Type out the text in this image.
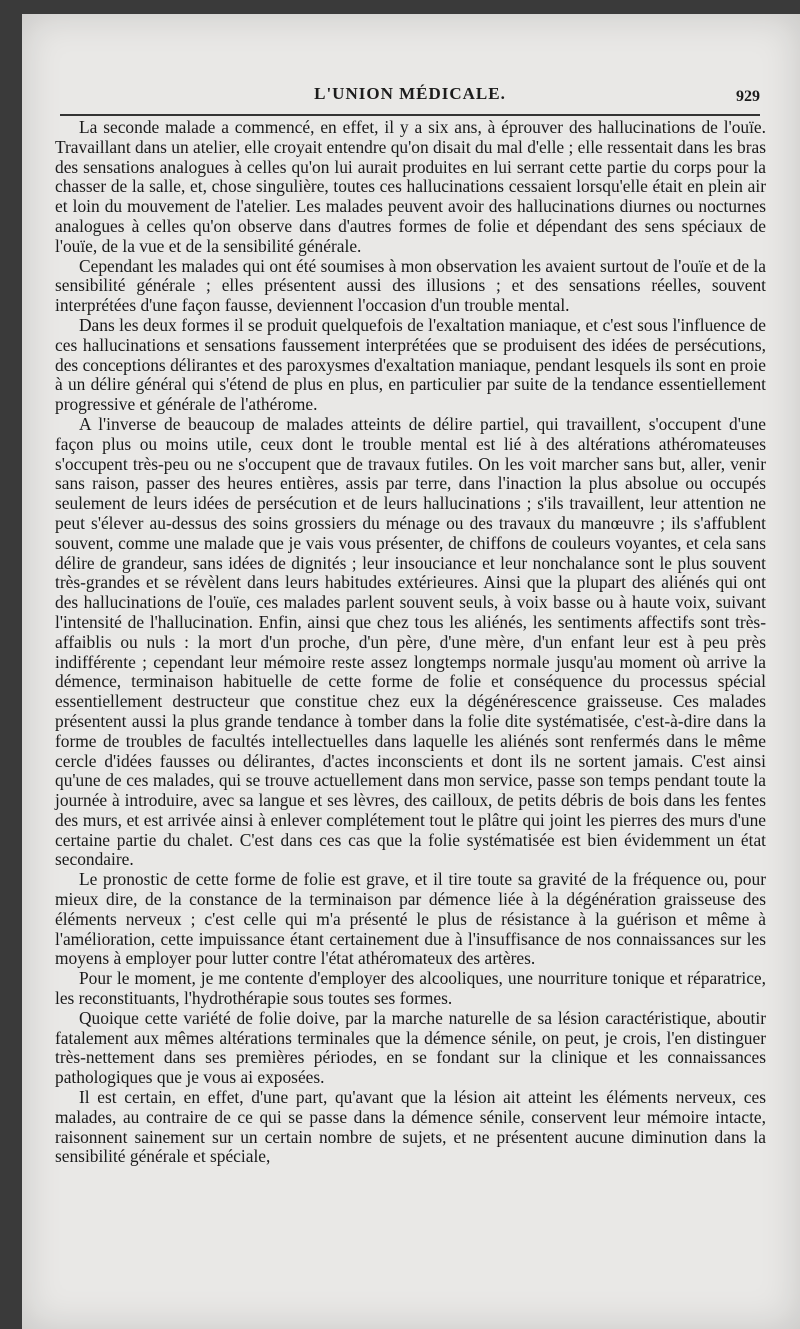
L'UNION MÉDICALE.	929

La seconde malade a commencé, en effet, il y a six ans, à éprouver des hallucinations de l'ouïe. Travaillant dans un atelier, elle croyait entendre qu'on disait du mal d'elle ; elle ressentait dans les bras des sensations analogues à celles qu'on lui aurait produites en lui serrant cette partie du corps pour la chasser de la salle, et, chose singulière, toutes ces hallucinations cessaient lorsqu'elle était en plein air et loin du mouvement de l'atelier. Les malades peuvent avoir des hallucinations diurnes ou nocturnes analogues à celles qu'on observe dans d'autres formes de folie et dépendant des sens spéciaux de l'ouïe, de la vue et de la sensibilité générale.

Cependant les malades qui ont été soumises à mon observation les avaient surtout de l'ouïe et de la sensibilité générale ; elles présentent aussi des illusions ; et des sensations réelles, souvent interprétées d'une façon fausse, deviennent l'occasion d'un trouble mental.

Dans les deux formes il se produit quelquefois de l'exaltation maniaque, et c'est sous l'influence de ces hallucinations et sensations faussement interprétées que se produisent des idées de persécutions, des conceptions délirantes et des paroxysmes d'exaltation maniaque, pendant lesquels ils sont en proie à un délire général qui s'étend de plus en plus, en particulier par suite de la tendance essentiellement progressive et générale de l'athérome.

A l'inverse de beaucoup de malades atteints de délire partiel, qui travaillent, s'occupent d'une façon plus ou moins utile, ceux dont le trouble mental est lié à des altérations athéromateuses s'occupent très-peu ou ne s'occupent que de travaux futiles. On les voit marcher sans but, aller, venir sans raison, passer des heures entières, assis par terre, dans l'inaction la plus absolue ou occupés seulement de leurs idées de persécution et de leurs hallucinations ; s'ils travaillent, leur attention ne peut s'élever au-dessus des soins grossiers du ménage ou des travaux du manœuvre ; ils s'affublent souvent, comme une malade que je vais vous présenter, de chiffons de couleurs voyantes, et cela sans délire de grandeur, sans idées de dignités ; leur insouciance et leur nonchalance sont le plus souvent très-grandes et se révèlent dans leurs habitudes extérieures. Ainsi que la plupart des aliénés qui ont des hallucinations de l'ouïe, ces malades parlent souvent seuls, à voix basse ou à haute voix, suivant l'intensité de l'hallucination. Enfin, ainsi que chez tous les aliénés, les sentiments affectifs sont très-affaiblis ou nuls : la mort d'un proche, d'un père, d'une mère, d'un enfant leur est à peu près indifférente ; cependant leur mémoire reste assez longtemps normale jusqu'au moment où arrive la démence, terminaison habituelle de cette forme de folie et conséquence du processus spécial essentiellement destructeur que constitue chez eux la dégénérescence graisseuse. Ces malades présentent aussi la plus grande tendance à tomber dans la folie dite systématisée, c'est-à-dire dans la forme de troubles de facultés intellectuelles dans laquelle les aliénés sont renfermés dans le même cercle d'idées fausses ou délirantes, d'actes inconscients et dont ils ne sortent jamais. C'est ainsi qu'une de ces malades, qui se trouve actuellement dans mon service, passe son temps pendant toute la journée à introduire, avec sa langue et ses lèvres, des cailloux, de petits débris de bois dans les fentes des murs, et est arrivée ainsi à enlever complétement tout le plâtre qui joint les pierres des murs d'une certaine partie du chalet. C'est dans ces cas que la folie systématisée est bien évidemment un état secondaire.

Le pronostic de cette forme de folie est grave, et il tire toute sa gravité de la fréquence ou, pour mieux dire, de la constance de la terminaison par démence liée à la dégénération graisseuse des éléments nerveux ; c'est celle qui m'a présenté le plus de résistance à la guérison et même à l'amélioration, cette impuissance étant certainement due à l'insuffisance de nos connaissances sur les moyens à employer pour lutter contre l'état athéromateux des artères.

Pour le moment, je me contente d'employer des alcooliques, une nourriture tonique et réparatrice, les reconstituants, l'hydrothérapie sous toutes ses formes.

Quoique cette variété de folie doive, par la marche naturelle de sa lésion caractéristique, aboutir fatalement aux mêmes altérations terminales que la démence sénile, on peut, je crois, l'en distinguer très-nettement dans ses premières périodes, en se fondant sur la clinique et les connaissances pathologiques que je vous ai exposées.

Il est certain, en effet, d'une part, qu'avant que la lésion ait atteint les éléments nerveux, ces malades, au contraire de ce qui se passe dans la démence sénile, conservent leur mémoire intacte, raisonnent sainement sur un certain nombre de sujets, et ne présentent aucune diminution dans la sensibilité générale et spéciale,
